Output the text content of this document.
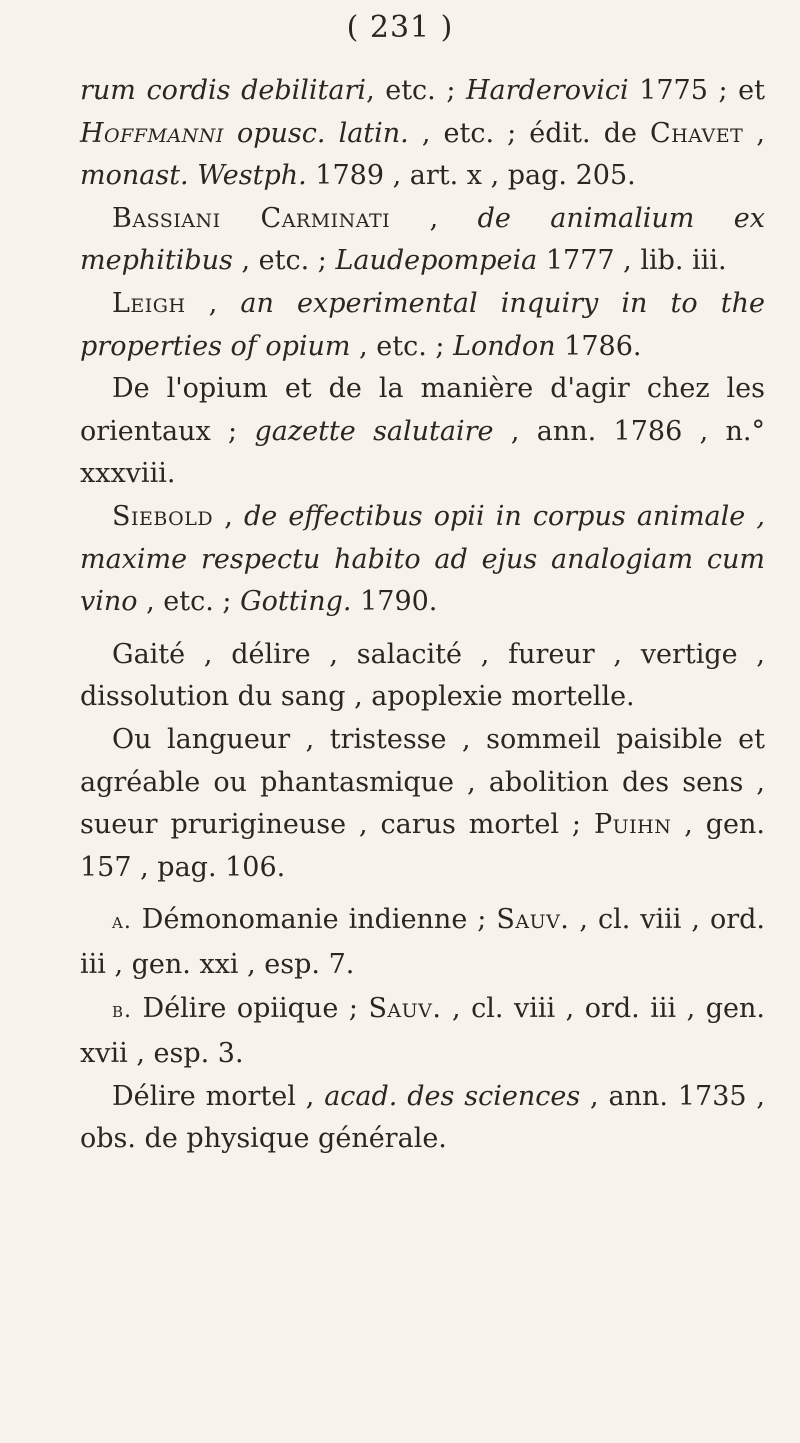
( 231 )

rum cordis debilitari, etc. ; Harderovici 1775 ; et Hoffmanni opusc. latin. , etc. ; édit. de Chavet , monast. Westph. 1789 , art. x , pag. 205.

Bassiani Carminati , de animalium ex mephitibus , etc. ; Laudepompeia 1777 , lib. iii.

Leigh , an experimental inquiry in to the properties of opium , etc. ; London 1786.

De l'opium et de la manière d'agir chez les orientaux ; gazette salutaire , ann. 1786 , n.° xxxviii.

Siebold , de effectibus opii in corpus animale , maxime respectu habito ad ejus analogiam cum vino , etc. ; Gotting. 1790.

Gaité , délire , salacité , fureur , vertige , dissolution du sang , apoplexie mortelle.

Ou langueur , tristesse , sommeil paisible et agréable ou phantasmique , abolition des sens , sueur prurigineuse , carus mortel ; Puihn , gen. 157 , pag. 106.

a. Démonomanie indienne ; Sauv. , cl. viii , ord. iii , gen. xxi , esp. 7.

b. Délire opiique ; Sauv. , cl. viii , ord. iii , gen. xvii , esp. 3.

Délire mortel , acad. des sciences , ann. 1735 , obs. de physique générale.
